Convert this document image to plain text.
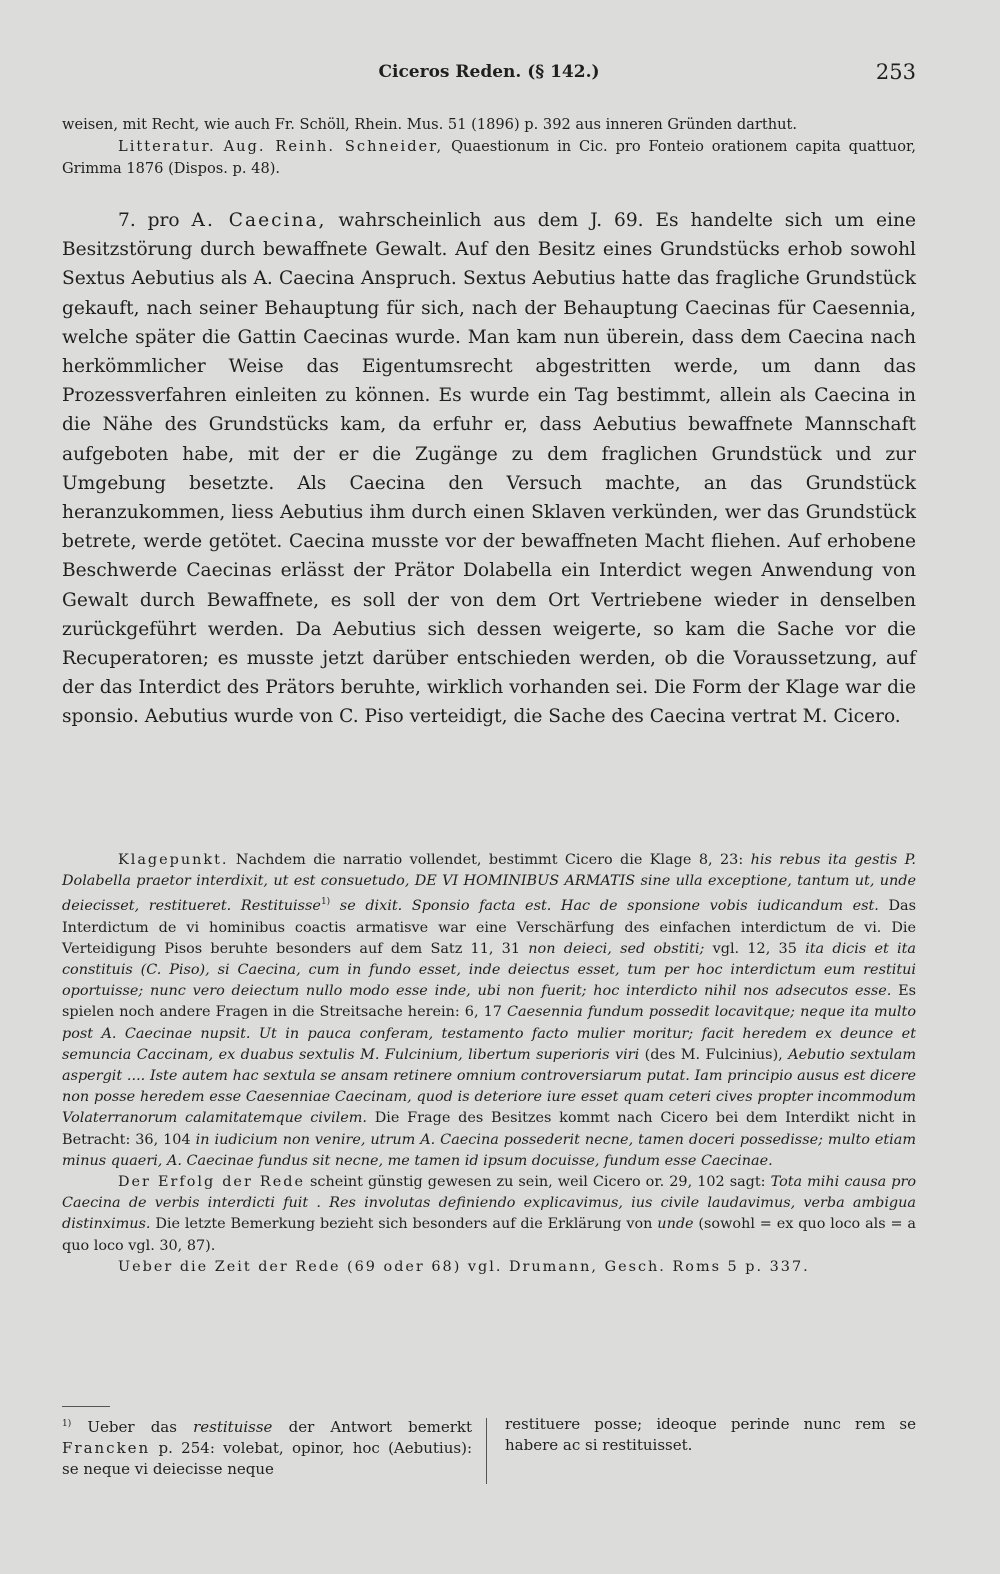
Ciceros Reden. (§ 142.)	253

weisen, mit Recht, wie auch Fr. Schöll, Rhein. Mus. 51 (1896) p. 392 aus inneren Gründen darthut.

Litteratur. Aug. Reinh. Schneider, Quaestionum in Cic. pro Fonteio orationem capita quattuor, Grimma 1876 (Dispos. p. 48).

7. pro A. Caecina, wahrscheinlich aus dem J. 69. Es handelte sich um eine Besitzstörung durch bewaffnete Gewalt. Auf den Besitz eines Grundstücks erhob sowohl Sextus Aebutius als A. Caecina Anspruch. Sextus Aebutius hatte das fragliche Grundstück gekauft, nach seiner Behauptung für sich, nach der Behauptung Caecinas für Caesennia, welche später die Gattin Caecinas wurde. Man kam nun überein, dass dem Caecina nach herkömmlicher Weise das Eigentumsrecht abgestritten werde, um dann das Prozessverfahren einleiten zu können. Es wurde ein Tag bestimmt, allein als Caecina in die Nähe des Grundstücks kam, da erfuhr er, dass Aebutius bewaffnete Mannschaft aufgeboten habe, mit der er die Zugänge zu dem fraglichen Grundstück und zur Umgebung besetzte. Als Caecina den Versuch machte, an das Grundstück heranzukommen, liess Aebutius ihm durch einen Sklaven verkünden, wer das Grundstück betrete, werde getötet. Caecina musste vor der bewaffneten Macht fliehen. Auf erhobene Beschwerde Caecinas erlässt der Prätor Dolabella ein Interdict wegen Anwendung von Gewalt durch Bewaffnete, es soll der von dem Ort Vertriebene wieder in denselben zurückgeführt werden. Da Aebutius sich dessen weigerte, so kam die Sache vor die Recuperatoren; es musste jetzt darüber entschieden werden, ob die Voraussetzung, auf der das Interdict des Prätors beruhte, wirklich vorhanden sei. Die Form der Klage war die sponsio. Aebutius wurde von C. Piso verteidigt, die Sache des Caecina vertrat M. Cicero.

Klagepunkt. Nachdem die narratio vollendet, bestimmt Cicero die Klage 8, 23: his rebus ita gestis P. Dolabella praetor interdixit, ut est consuetudo, DE VI HOMINIBUS ARMATIS sine ulla exceptione, tantum ut, unde deiecisset, restitueret. Restituisse$^{1)}$ se dixit. Sponsio facta est. Hac de sponsione vobis iudicandum est. Das Interdictum de vi hominibus coactis armatisve war eine Verschärfung des einfachen interdictum de vi. Die Verteidigung Pisos beruhte besonders auf dem Satz 11, 31 non deieci, sed obstiti; vgl. 12, 35 ita dicis et ita constituis (C. Piso), si Caecina, cum in fundo esset, inde deiectus esset, tum per hoc interdictum eum restitui oportuisse; nunc vero deiectum nullo modo esse inde, ubi non fuerit; hoc interdicto nihil nos adsecutos esse. Es spielen noch andere Fragen in die Streitsache herein: 6, 17 Caesennia fundum possedit locavitque; neque ita multo post A. Caecinae nupsit. Ut in pauca conferam, testamento facto mulier moritur; facit heredem ex deunce et semuncia Caccinam, ex duabus sextulis M. Fulcinium, libertum superioris viri (des M. Fulcinius), Aebutio sextulam aspergit .... Iste autem hac sextula se ansam retinere omnium controversiarum putat. Iam principio ausus est dicere non posse heredem esse Caesenniae Caecinam, quod is deteriore iure esset quam ceteri cives propter incommodum Volaterranorum calamitatemque civilem. Die Frage des Besitzes kommt nach Cicero bei dem Interdikt nicht in Betracht: 36, 104 in iudicium non venire, utrum A. Caecina possederit necne, tamen doceri possedisse; multo etiam minus quaeri, A. Caecinae fundus sit necne, me tamen id ipsum docuisse, fundum esse Caecinae.

Der Erfolg der Rede scheint günstig gewesen zu sein, weil Cicero or. 29, 102 sagt: Tota mihi causa pro Caecina de verbis interdicti fuit . Res involutas definiendo explicavimus, ius civile laudavimus, verba ambigua distinximus. Die letzte Bemerkung bezieht sich besonders auf die Erklärung von unde (sowohl = ex quo loco als = a quo loco vgl. 30, 87).

Ueber die Zeit der Rede (69 oder 68) vgl. Drumann, Gesch. Roms 5 p. 337.

$^{1)}$ Ueber das restituisse der Antwort bemerkt Francken p. 254: volebat, opinor, hoc (Aebutius): se neque vi deiecisse neque
restituere posse; ideoque perinde nunc rem se habere ac si restituisset.
